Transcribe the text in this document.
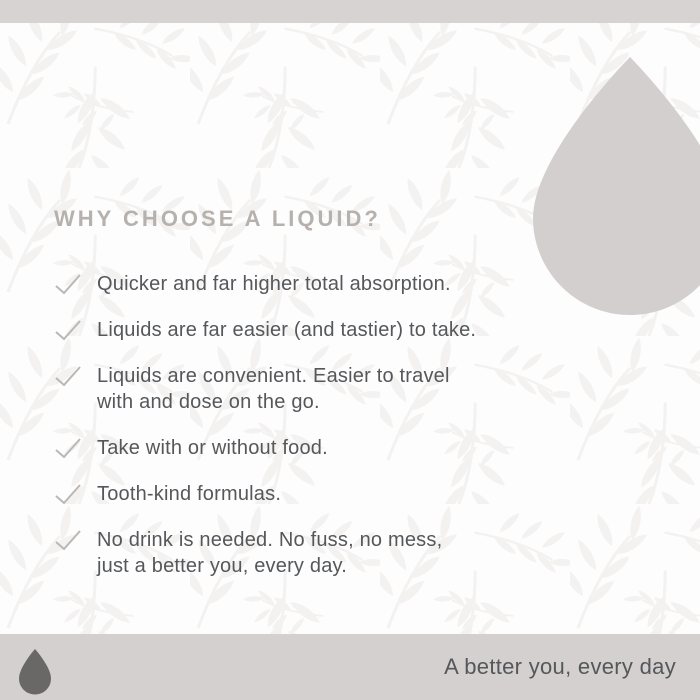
WHY CHOOSE A LIQUID?
Quicker and far higher total absorption.
Liquids are far easier (and tastier) to take.
Liquids are convenient. Easier to travel
with and dose on the go.
Take with or without food.
Tooth-kind formulas.
No drink is needed. No fuss, no mess,
just a better you, every day.
A better you, every day
